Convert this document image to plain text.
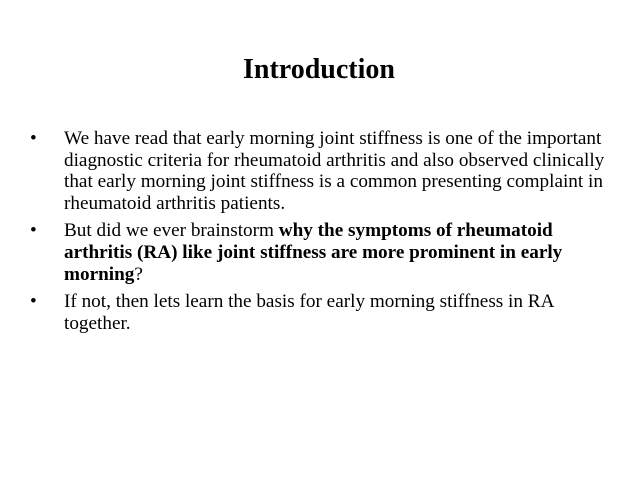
Introduction
•	We have read that early morning joint stiffness is one of the important diagnostic criteria for rheumatoid arthritis and also observed clinically that early morning joint stiffness is a common presenting complaint in rheumatoid arthritis patients.
•	But did we ever brainstorm why the symptoms of rheumatoid arthritis (RA) like joint stiffness are more prominent in early morning?
•	If not, then lets learn the basis for early morning stiffness in RA together.
